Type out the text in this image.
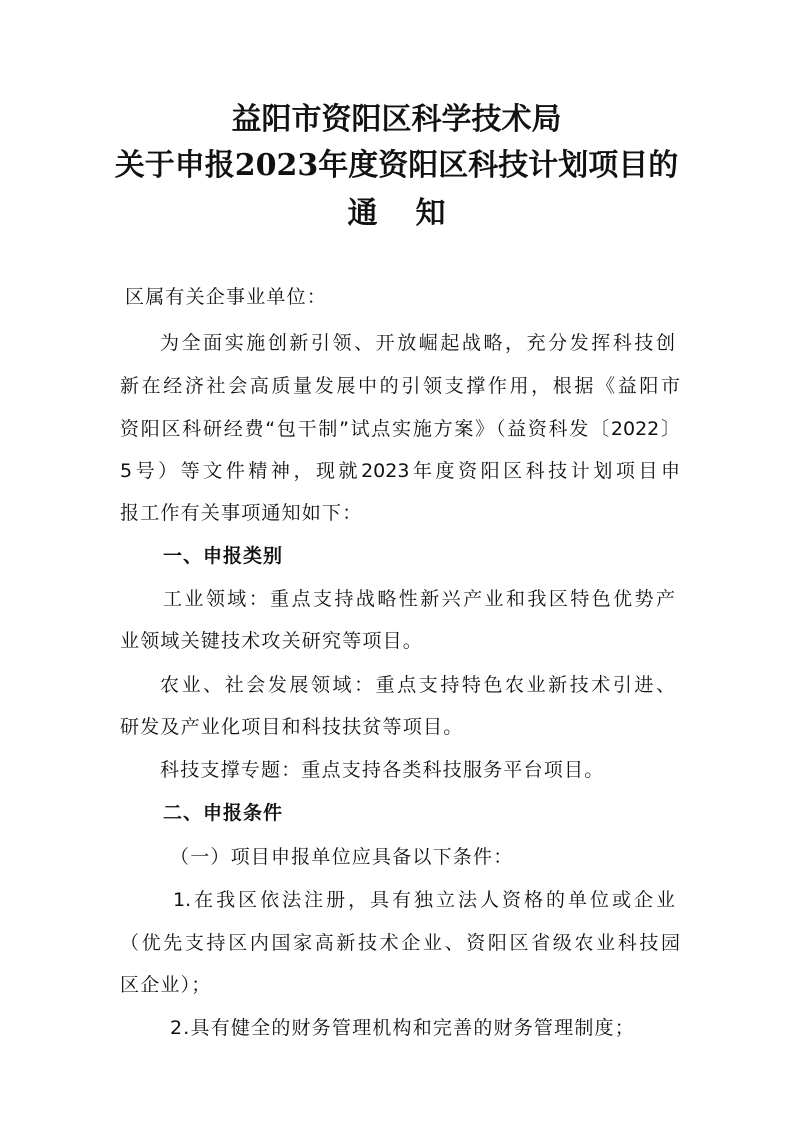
益阳市资阳区科学技术局
关于申报2023年度资阳区科技计划项目的
通知
区属有关企事业单位：
为全面实施创新引领、开放崛起战略，充分发挥科技创
新在经济社会高质量发展中的引领支撑作用，根据《益阳市
资阳区科研经费“包干制”试点实施方案》（益资科发〔2022〕
5号）等文件精神，现就2023年度资阳区科技计划项目申
报工作有关事项通知如下：
一、申报类别
工业领域：重点支持战略性新兴产业和我区特色优势产
业领域关键技术攻关研究等项目。
农业、社会发展领域：重点支持特色农业新技术引进、
研发及产业化项目和科技扶贫等项目。
科技支撑专题：重点支持各类科技服务平台项目。
二、申报条件
（一）项目申报单位应具备以下条件：
1.在我区依法注册，具有独立法人资格的单位或企业
（优先支持区内国家高新技术企业、资阳区省级农业科技园
区企业）；
2.具有健全的财务管理机构和完善的财务管理制度；
